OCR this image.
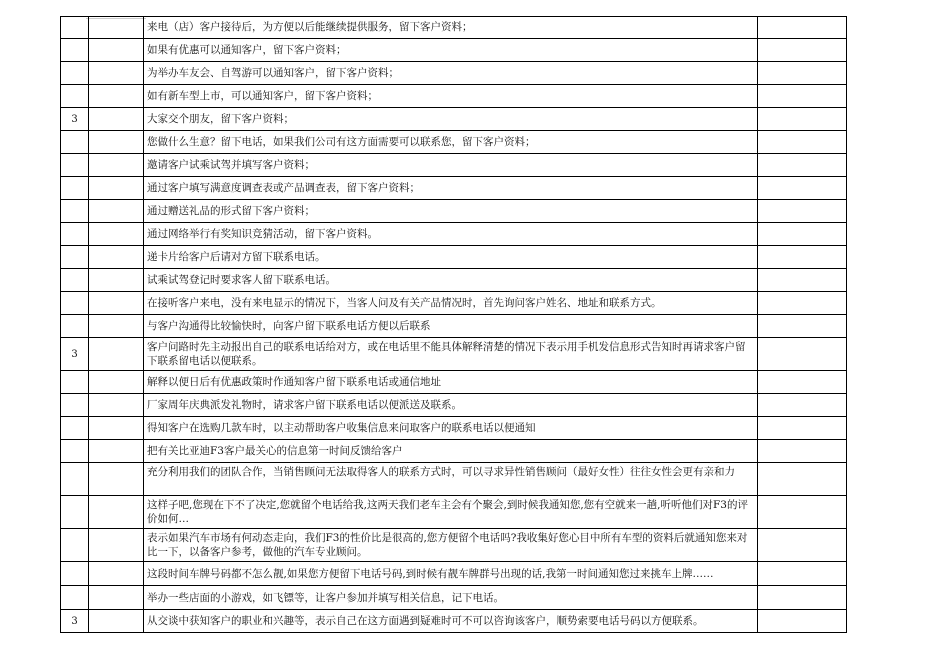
来电（店）客户接待后，为方便以后能继续提供服务，留下客户资料；
如果有优惠可以通知客户，留下客户资料；
为举办车友会、自驾游可以通知客户，留下客户资料；
如有新车型上市，可以通知客户，留下客户资料；
3	大家交个朋友，留下客户资料；
您做什么生意？留下电话，如果我们公司有这方面需要可以联系您，留下客户资料；
邀请客户试乘试驾并填写客户资料；
通过客户填写满意度调查表或产品调查表，留下客户资料；
通过赠送礼品的形式留下客户资料；
通过网络举行有奖知识竞猜活动，留下客户资料。
递卡片给客户后请对方留下联系电话。
试乘试驾登记时要求客人留下联系电话。
在接听客户来电，没有来电显示的情况下，当客人问及有关产品情况时，首先询问客户姓名、地址和联系方式。
与客户沟通得比较愉快时，向客户留下联系电话方便以后联系
3
客户问路时先主动报出自己的联系电话给对方，或在电话里不能具体解释清楚的情况下表示用手机发信息形式告知时再请求客户留下联系留电话以便联系。
解释以便日后有优惠政策时作通知客户留下联系电话或通信地址
厂家周年庆典派发礼物时，请求客户留下联系电话以便派送及联系。
得知客户在选购几款车时，以主动帮助客户收集信息来问取客户的联系电话以便通知
把有关比亚迪F3客户最关心的信息第一时间反馈给客户
充分利用我们的团队合作，当销售顾问无法取得客人的联系方式时，可以寻求异性销售顾问（最好女性）往往女性会更有亲和力
这样子吧,您现在下不了决定,您就留个电话给我,这两天我们老车主会有个聚会,到时候我通知您,您有空就来一趟,听听他们对F3的评价如何…
表示如果汽车市场有何动态走向，我们F3的性价比是很高的,您方便留个电话吗?我收集好您心目中所有车型的资料后就通知您来对比一下，以备客户参考，做他的汽车专业顾问。
这段时间车牌号码都不怎么靓,如果您方便留下电话号码,到时候有靓车牌群号出现的话,我第一时间通知您过来挑车上牌……
举办一些店面的小游戏，如飞镖等，让客户参加并填写相关信息，记下电话。
3	从交谈中获知客户的职业和兴趣等，表示自己在这方面遇到疑难时可不可以咨询该客户，顺势索要电话号码以方便联系。
